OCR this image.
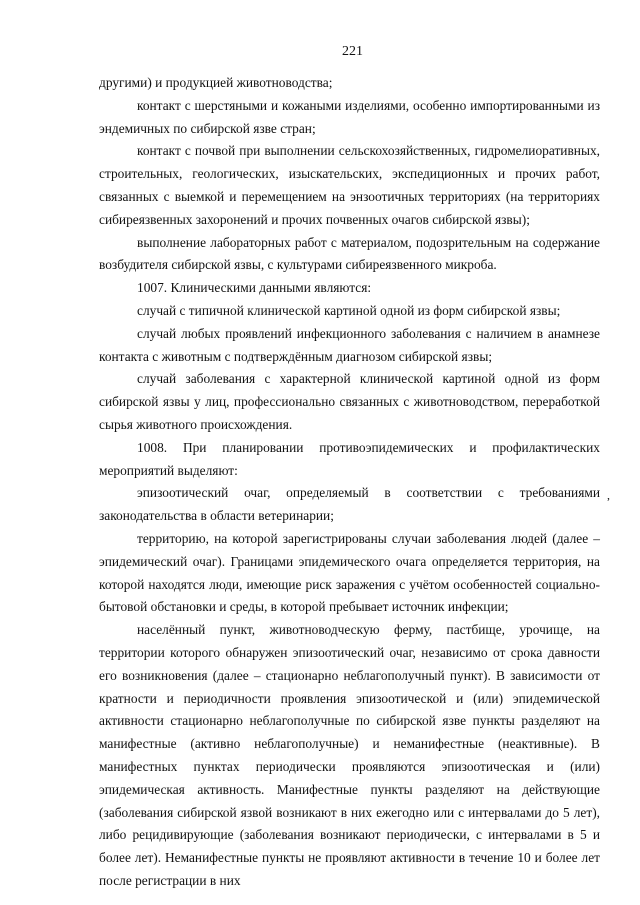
221

другими) и продукцией животноводства;

контакт с шерстяными и кожаными изделиями, особенно импортированными из эндемичных по сибирской язве стран;

контакт с почвой при выполнении сельскохозяйственных, гидромелиоративных, строительных, геологических, изыскательских, экспедиционных и прочих работ, связанных с выемкой и перемещением на энзоотичных территориях (на территориях сибиреязвенных захоронений и прочих почвенных очагов сибирской язвы);

выполнение лабораторных работ с материалом, подозрительным на содержание возбудителя сибирской язвы, с культурами сибиреязвенного микроба.

1007. Клиническими данными являются:

случай с типичной клинической картиной одной из форм сибирской язвы;

случай любых проявлений инфекционного заболевания с наличием в анамнезе контакта с животным с подтверждённым диагнозом сибирской язвы;

случай заболевания с характерной клинической картиной одной из форм сибирской язвы у лиц, профессионально связанных с животноводством, переработкой сырья животного происхождения.

1008. При планировании противоэпидемических и профилактических мероприятий выделяют:

эпизоотический очаг, определяемый в соответствии с требованиями законодательства в области ветеринарии;

территорию, на которой зарегистрированы случаи заболевания людей (далее – эпидемический очаг). Границами эпидемического очага определяется территория, на которой находятся люди, имеющие риск заражения с учётом особенностей социально-бытовой обстановки и среды, в которой пребывает источник инфекции;

населённый пункт, животноводческую ферму, пастбище, урочище, на территории которого обнаружен эпизоотический очаг, независимо от срока давности его возникновения (далее – стационарно неблагополучный пункт). В зависимости от кратности и периодичности проявления эпизоотической и (или) эпидемической активности стационарно неблагополучные по сибирской язве пункты разделяют на манифестные (активно неблагополучные) и неманифестные (неактивные). В манифестных пунктах периодически проявляются эпизоотическая и (или) эпидемическая активность. Манифестные пункты разделяют на действующие (заболевания сибирской язвой возникают в них ежегодно или с интервалами до 5 лет), либо рецидивирующие (заболевания возникают периодически, с интервалами в 5 и более лет). Неманифестные пункты не проявляют активности в течение 10 и более лет после регистрации в них

,
